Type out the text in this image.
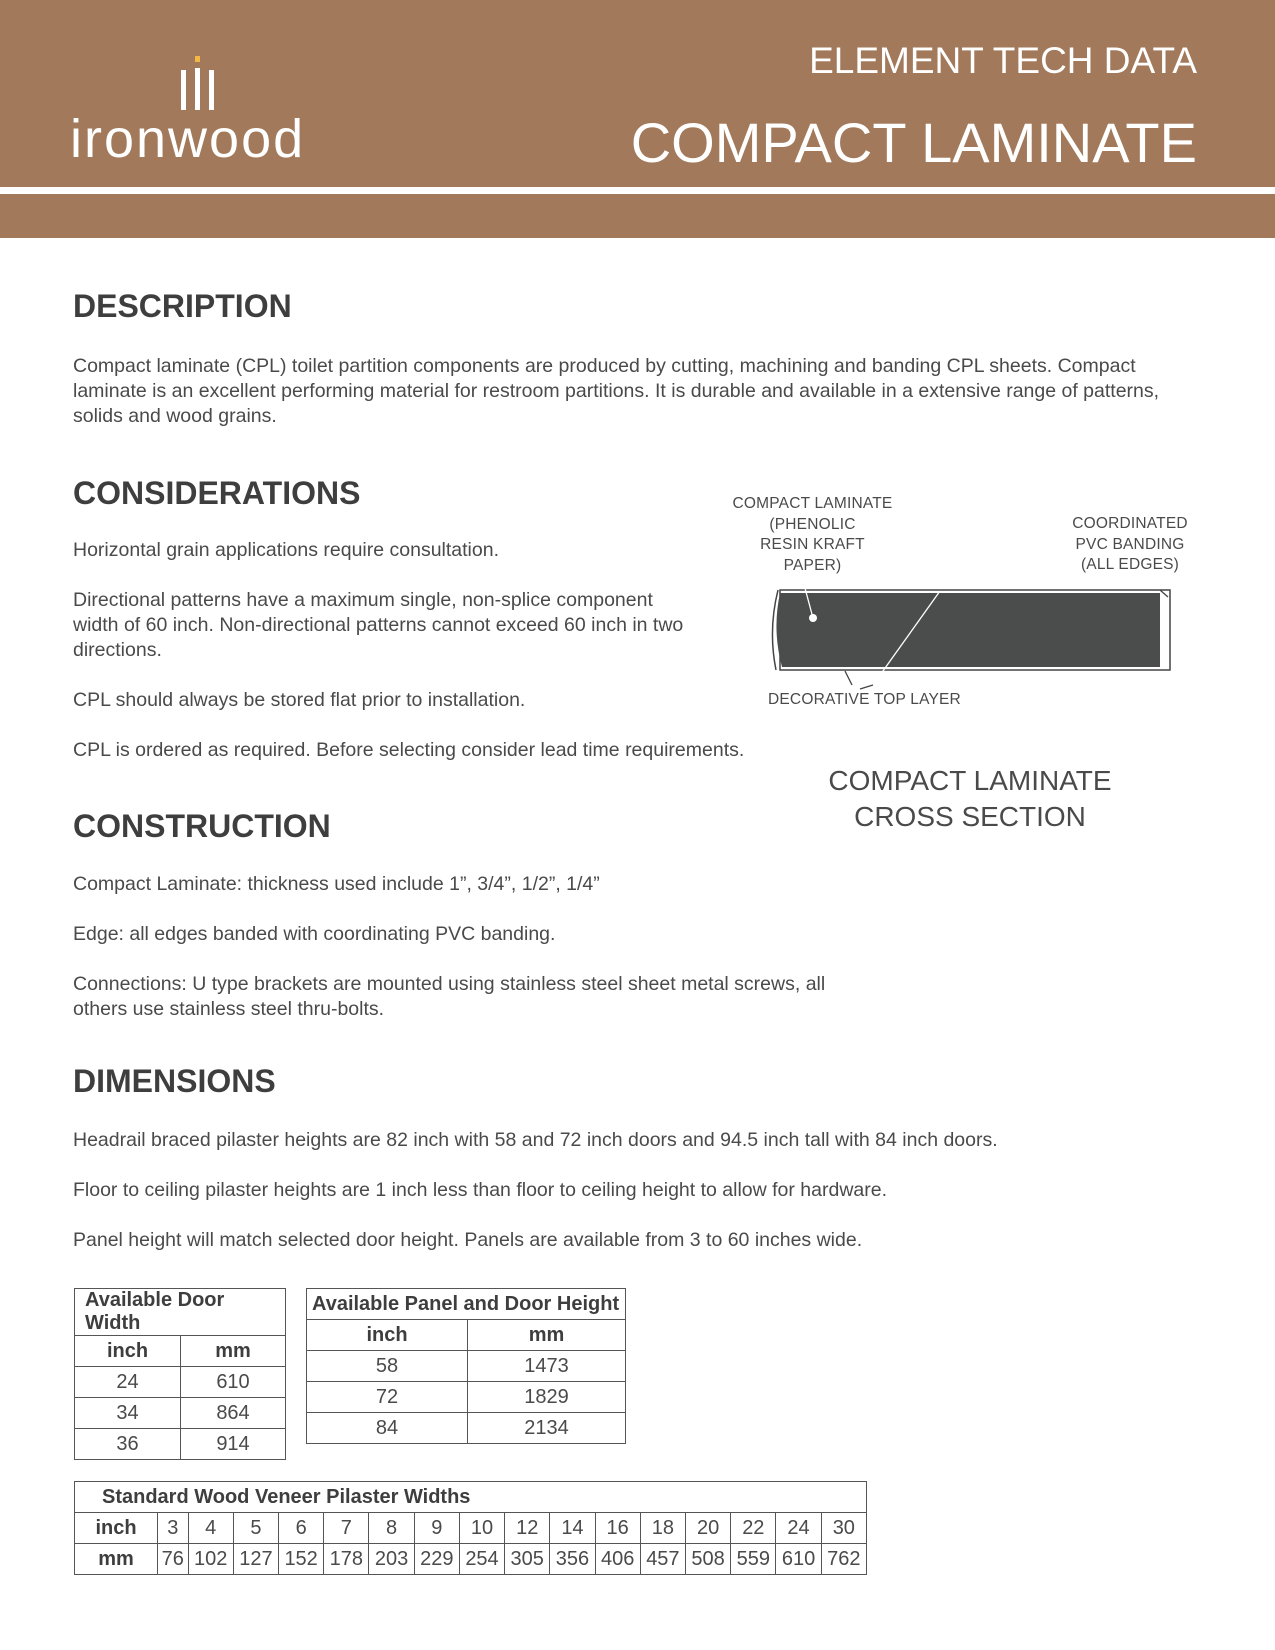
ironwood
ELEMENT TECH DATA
COMPACT LAMINATE
DESCRIPTION

Compact laminate (CPL) toilet partition components are produced by cutting, machining and banding CPL sheets. Compact laminate is an excellent performing material for restroom partitions. It is durable and available in a extensive range of patterns, solids and wood grains.

CONSIDERATIONS

Horizontal grain applications require consultation.

Directional patterns have a maximum single, non-splice component width of 60 inch. Non-directional patterns cannot exceed 60 inch in two directions.

CPL should always be stored flat prior to installation.

CPL is ordered as required. Before selecting consider lead time requirements.

COMPACT LAMINATE
(PHENOLIC
RESIN KRAFT
PAPER)
COORDINATED
PVC BANDING
(ALL EDGES)
DECORATIVE TOP LAYER
COMPACT LAMINATE
CROSS SECTION
CONSTRUCTION

Compact Laminate: thickness used include 1”, 3/4”, 1/2”, 1/4”

Edge: all edges banded with coordinating PVC banding.

Connections: U type brackets are mounted using stainless steel sheet metal screws, all others use stainless steel thru-bolts.

DIMENSIONS

Headrail braced pilaster heights are 82 inch with 58 and 72 inch doors and 94.5 inch tall with 84 inch doors.

Floor to ceiling pilaster heights are 1 inch less than floor to ceiling height to allow for hardware.

Panel height will match selected door height. Panels are available from 3 to 60 inches wide.

Available Door Width	
inch	mm
24	610
34	864
36	914
Available Panel and Door Height	
inch	mm
58	1473
72	1829
84	2134
Standard Wood Veneer Pilaster Widths																
inch	3	4	5	6	7	8	9	10	12	14	16	18	20	22	24	30
mm	76	102	127	152	178	203	229	254	305	356	406	457	508	559	610	762
